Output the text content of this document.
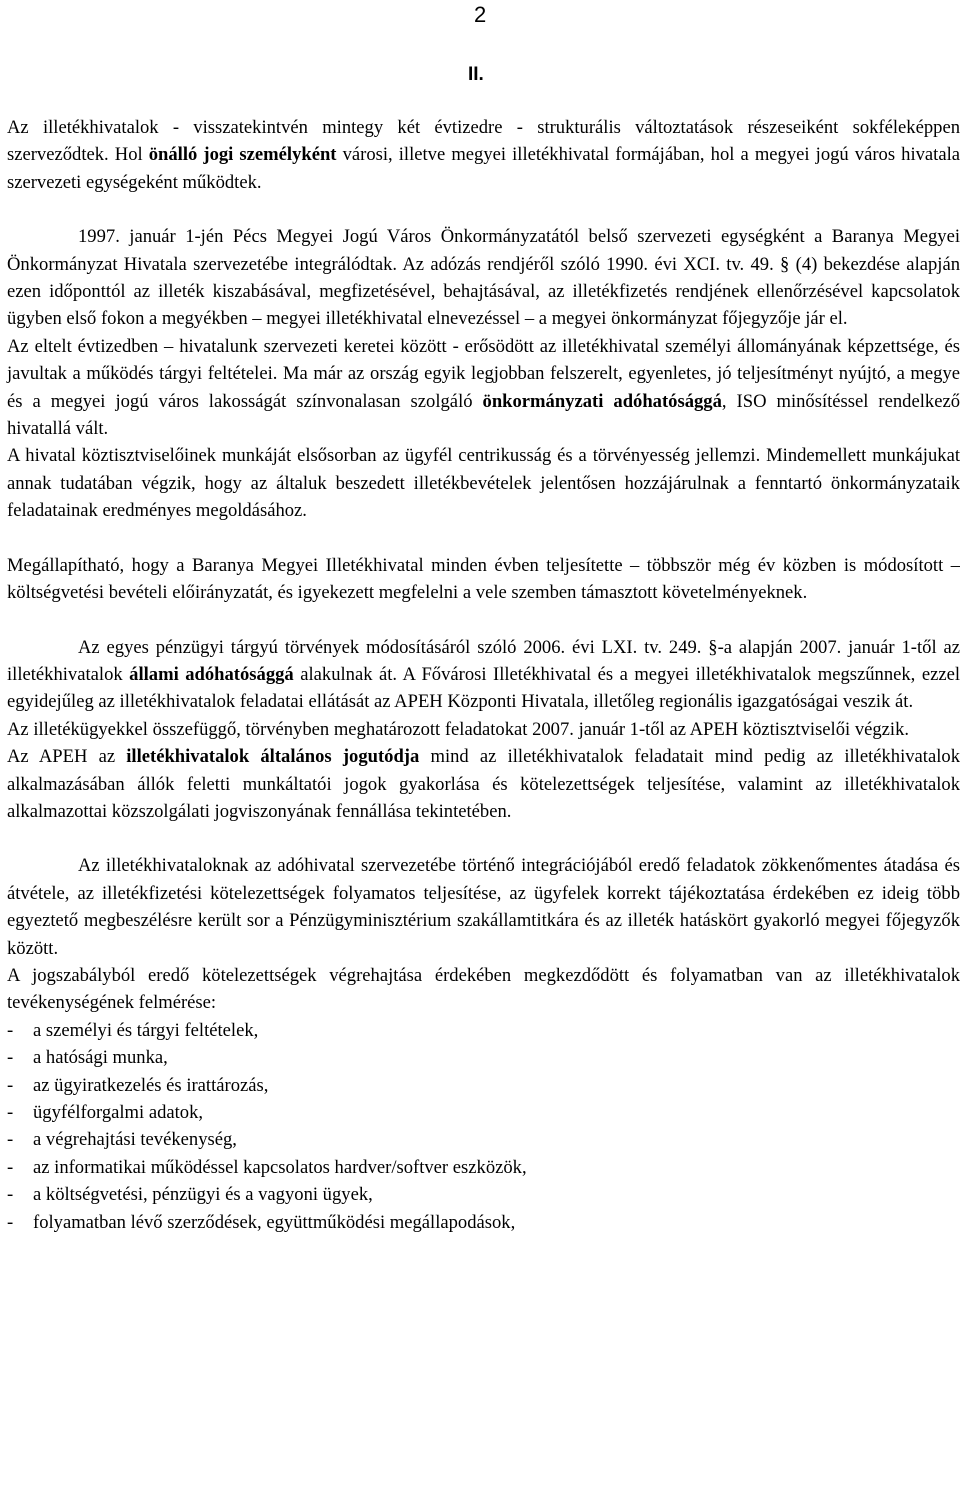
2
II.

Az illetékhivatalok - visszatekintvén mintegy két évtizedre - strukturális változtatások részeseiként sokféleképpen szerveződtek. Hol önálló jogi személyként városi, illetve megyei illetékhivatal formájában, hol a megyei jogú város hivatala szervezeti egységeként működtek.

1997. január 1-jén Pécs Megyei Jogú Város Önkormányzatától belső szervezeti egységként a Baranya Megyei Önkormányzat Hivatala szervezetébe integrálódtak. Az adózás rendjéről szóló 1990. évi XCI. tv. 49. § (4) bekezdése alapján ezen időponttól az illeték kiszabásával, megfizetésével, behajtásával, az illetékfizetés rendjének ellenőrzésével kapcsolatok ügyben első fokon a megyékben – megyei illetékhivatal elnevezéssel – a megyei önkormányzat főjegyzője jár el.

Az eltelt évtizedben – hivatalunk szervezeti keretei között - erősödött az illetékhivatal személyi állományának képzettsége, és javultak a működés tárgyi feltételei. Ma már az ország egyik legjobban felszerelt, egyenletes, jó teljesítményt nyújtó, a megye és a megyei jogú város lakosságát színvonalasan szolgáló önkormányzati adóhatósággá, ISO minősítéssel rendelkező hivatallá vált.

A hivatal köztisztviselőinek munkáját elsősorban az ügyfél centrikusság és a törvényesség jellemzi. Mindemellett munkájukat annak tudatában végzik, hogy az általuk beszedett illetékbevételek jelentősen hozzájárulnak a fenntartó önkormányzataik feladatainak eredményes megoldásához.

Megállapítható, hogy a Baranya Megyei Illetékhivatal minden évben teljesítette – többször még év közben is módosított – költségvetési bevételi előirányzatát, és igyekezett megfelelni a vele szemben támasztott követelményeknek.

Az egyes pénzügyi tárgyú törvények módosításáról szóló 2006. évi LXI. tv. 249. §-a alapján 2007. január 1-től az illetékhivatalok állami adóhatósággá alakulnak át. A Fővárosi Illetékhivatal és a megyei illetékhivatalok megszűnnek, ezzel egyidejűleg az illetékhivatalok feladatai ellátását az APEH Központi Hivatala, illetőleg regionális igazgatóságai veszik át.

Az illetékügyekkel összefüggő, törvényben meghatározott feladatokat 2007. január 1-től az APEH köztisztviselői végzik.

Az APEH az illetékhivatalok általános jogutódja mind az illetékhivatalok feladatait mind pedig az illetékhivatalok alkalmazásában állók feletti munkáltatói jogok gyakorlása és kötelezettségek teljesítése, valamint az illetékhivatalok alkalmazottai közszolgálati jogviszonyának fennállása tekintetében.

Az illetékhivataloknak az adóhivatal szervezetébe történő integrációjából eredő feladatok zökkenőmentes átadása és átvétele, az illetékfizetési kötelezettségek folyamatos teljesítése, az ügyfelek korrekt tájékoztatása érdekében ez ideig több egyeztető megbeszélésre került sor a Pénzügyminisztérium szakállamtitkára és az illeték hatáskört gyakorló megyei főjegyzők között.

A jogszabályból eredő kötelezettségek végrehajtása érdekében megkezdődött és folyamatban van az illetékhivatalok tevékenységének felmérése:

- a személyi és tárgyi feltételek,
- a hatósági munka,
- az ügyiratkezelés és irattározás,
- ügyfélforgalmi adatok,
- a végrehajtási tevékenység,
- az informatikai működéssel kapcsolatos hardver/softver eszközök,
- a költségvetési, pénzügyi és a vagyoni ügyek,
- folyamatban lévő szerződések, együttműködési megállapodások,
